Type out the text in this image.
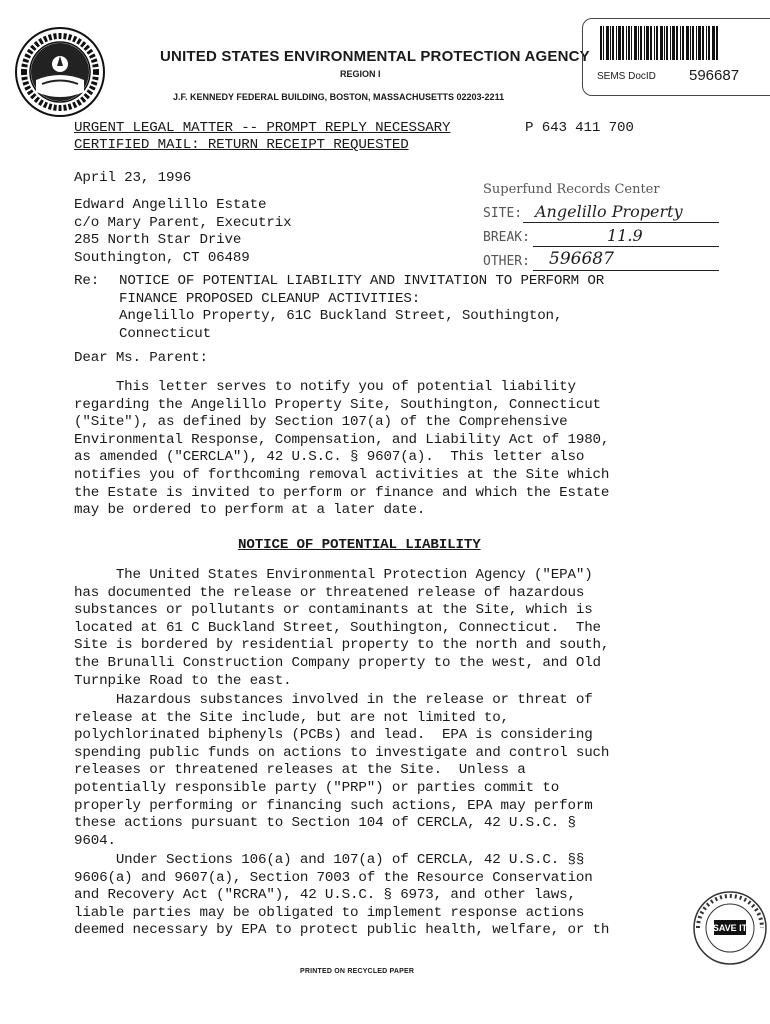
UNITED STATES ENVIRONMENTAL PROTECTION AGENCY
REGION I
J.F. KENNEDY FEDERAL BUILDING, BOSTON, MASSACHUSETTS 02203-2211
SEMS DocID 596687
URGENT LEGAL MATTER -- PROMPT REPLY NECESSARY
CERTIFIED MAIL: RETURN RECEIPT REQUESTED
P 643 411 700
April 23, 1996
Edward Angelillo Estate
c/o Mary Parent, Executrix
285 North Star Drive
Southington, CT 06489
Superfund Records Center
SITE: Angelillo Property
BREAK:	11.9
OTHER: 596687
Re: NOTICE OF POTENTIAL LIABILITY AND INVITATION TO PERFORM OR
FINANCE PROPOSED CLEANUP ACTIVITIES:
Angelillo Property, 61C Buckland Street, Southington,
Connecticut
Dear Ms. Parent:
This letter serves to notify you of potential liability
regarding the Angelillo Property Site, Southington, Connecticut
("Site"), as defined by Section 107(a) of the Comprehensive
Environmental Response, Compensation, and Liability Act of 1980,
as amended ("CERCLA"), 42 U.S.C. § 9607(a).  This letter also
notifies you of forthcoming removal activities at the Site which
the Estate is invited to perform or finance and which the Estate
may be ordered to perform at a later date.
NOTICE OF POTENTIAL LIABILITY
The United States Environmental Protection Agency ("EPA")
has documented the release or threatened release of hazardous
substances or pollutants or contaminants at the Site, which is
located at 61 C Buckland Street, Southington, Connecticut.  The
Site is bordered by residential property to the north and south,
the Brunalli Construction Company property to the west, and Old
Turnpike Road to the east.
Hazardous substances involved in the release or threat of
release at the Site include, but are not limited to,
polychlorinated biphenyls (PCBs) and lead.  EPA is considering
spending public funds on actions to investigate and control such
releases or threatened releases at the Site.  Unless a
potentially responsible party ("PRP") or parties commit to
properly performing or financing such actions, EPA may perform
these actions pursuant to Section 104 of CERCLA, 42 U.S.C. §
9604.
Under Sections 106(a) and 107(a) of CERCLA, 42 U.S.C. §§
9606(a) and 9607(a), Section 7003 of the Resource Conservation
and Recovery Act ("RCRA"), 42 U.S.C. § 6973, and other laws,
liable parties may be obligated to implement response actions
deemed necessary by EPA to protect public health, welfare, or th	SAVE IT
PRINTED ON RECYCLED PAPER
